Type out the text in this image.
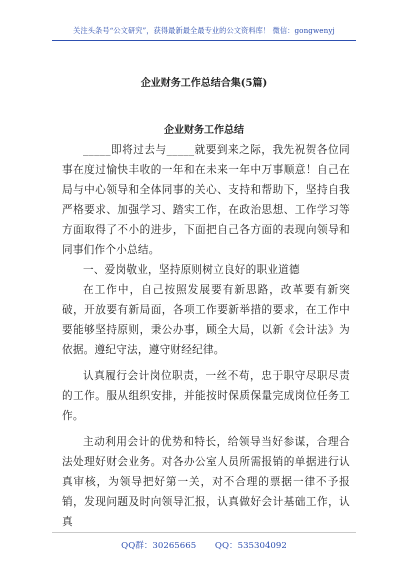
关注头条号“公文研究”，获得最新最全最专业的公文资料库！ 微信：gongwenyj
企业财务工作总结合集(5篇)
企业财务工作总结

_____即将过去与_____就要到来之际，我先祝贺各位同事在度过愉快丰收的一年和在未来一年中万事顺意！自己在局与中心领导和全体同事的关心、支持和帮助下，坚持自我严格要求、加强学习、踏实工作，在政治思想、工作学习等方面取得了不小的进步，下面把自己各方面的表现向领导和同事们作个小总结。

一、爱岗敬业，坚持原则树立良好的职业道德

在工作中，自己按照发展要有新思路，改革要有新突破，开放要有新局面，各项工作要新举措的要求，在工作中要能够坚持原则，秉公办事，顾全大局，以新《会计法》为依据。遵纪守法，遵守财经纪律。

认真履行会计岗位职责，一丝不苟，忠于职守尽职尽责的工作。服从组织安排，并能按时保质保量完成岗位任务工作。

主动利用会计的优势和特长，给领导当好参谋，合理合法处理好财会业务。对各办公室人员所需报销的单据进行认真审核，为领导把好第一关，对不合理的票据一律不予报销，发现问题及时向领导汇报，认真做好会计基础工作，认真

QQ群：30265665 QQ：535304092
